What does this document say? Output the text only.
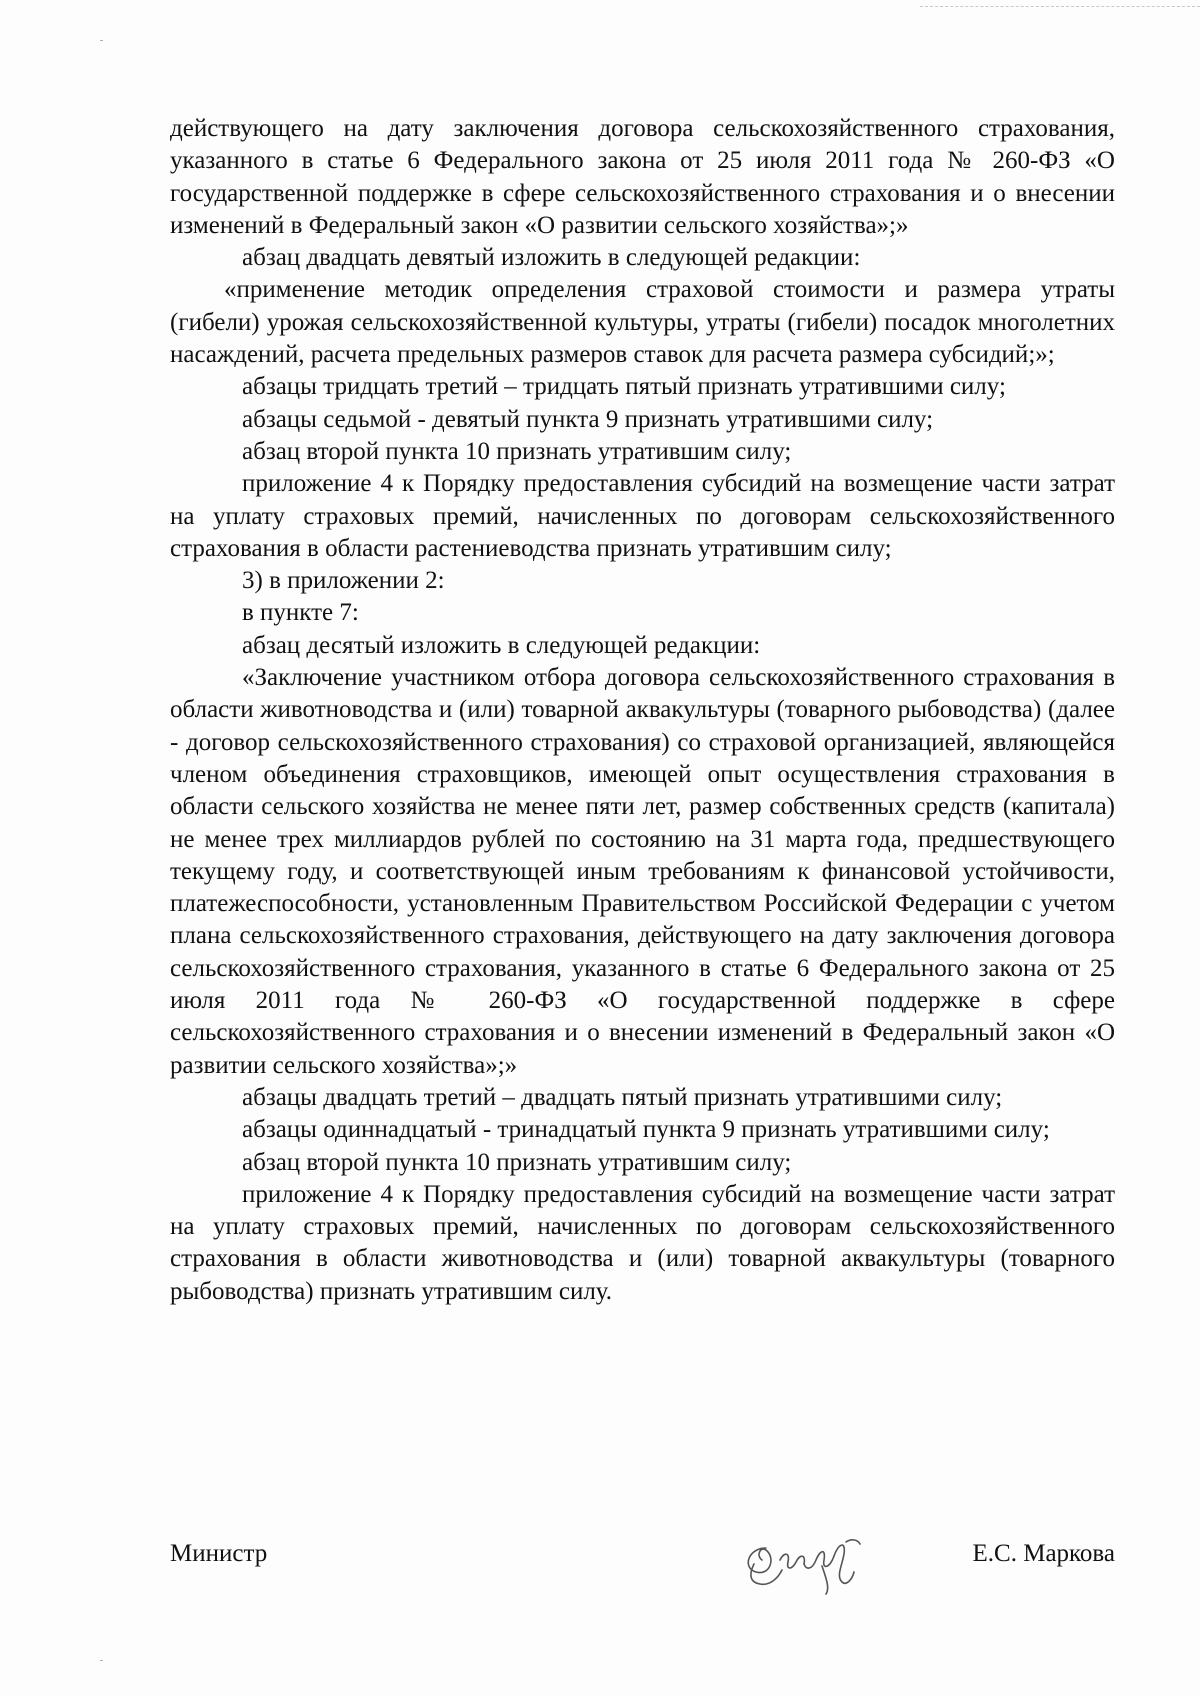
действующего на дату заключения договора сельскохозяйственного страхования, указанного в статье 6 Федерального закона от 25 июля 2011 года № 260-ФЗ «О государственной поддержке в сфере сельскохозяйственного страхования и о внесении изменений в Федеральный закон «О развитии сельского хозяйства»;»

абзац двадцать девятый изложить в следующей редакции:

«применение методик определения страховой стоимости и размера утраты (гибели) урожая сельскохозяйственной культуры, утраты (гибели) посадок многолетних насаждений, расчета предельных размеров ставок для расчета размера субсидий;»;

абзацы тридцать третий – тридцать пятый признать утратившими силу;

абзацы седьмой - девятый пункта 9 признать утратившими силу;

абзац второй пункта 10 признать утратившим силу;

приложение 4 к Порядку предоставления субсидий на возмещение части затрат на уплату страховых премий, начисленных по договорам сельскохозяйственного страхования в области растениеводства признать утратившим силу;

3) в приложении 2:

в пункте 7:

абзац десятый изложить в следующей редакции:

«Заключение участником отбора договора сельскохозяйственного страхования в области животноводства и (или) товарной аквакультуры (товарного рыбоводства) (далее - договор сельскохозяйственного страхования) со страховой организацией, являющейся членом объединения страховщиков, имеющей опыт осуществления страхования в области сельского хозяйства не менее пяти лет, размер собственных средств (капитала) не менее трех миллиардов рублей по состоянию на 31 марта года, предшествующего текущему году, и соответствующей иным требованиям к финансовой устойчивости, платежеспособности, установленным Правительством Российской Федерации с учетом плана сельскохозяйственного страхования, действующего на дату заключения договора сельскохозяйственного страхования, указанного в статье 6 Федерального закона от 25 июля 2011 года № 260-ФЗ «О государственной поддержке в сфере сельскохозяйственного страхования и о внесении изменений в Федеральный закон «О развитии сельского хозяйства»;»

абзацы двадцать третий – двадцать пятый признать утратившими силу;

абзацы одиннадцатый - тринадцатый пункта 9 признать утратившими силу;

абзац второй пункта 10 признать утратившим силу;

приложение 4 к Порядку предоставления субсидий на возмещение части затрат на уплату страховых премий, начисленных по договорам сельскохозяйственного страхования в области животноводства и (или) товарной аквакультуры (товарного рыбоводства) признать утратившим силу.

Министр	Е.С. Маркова
